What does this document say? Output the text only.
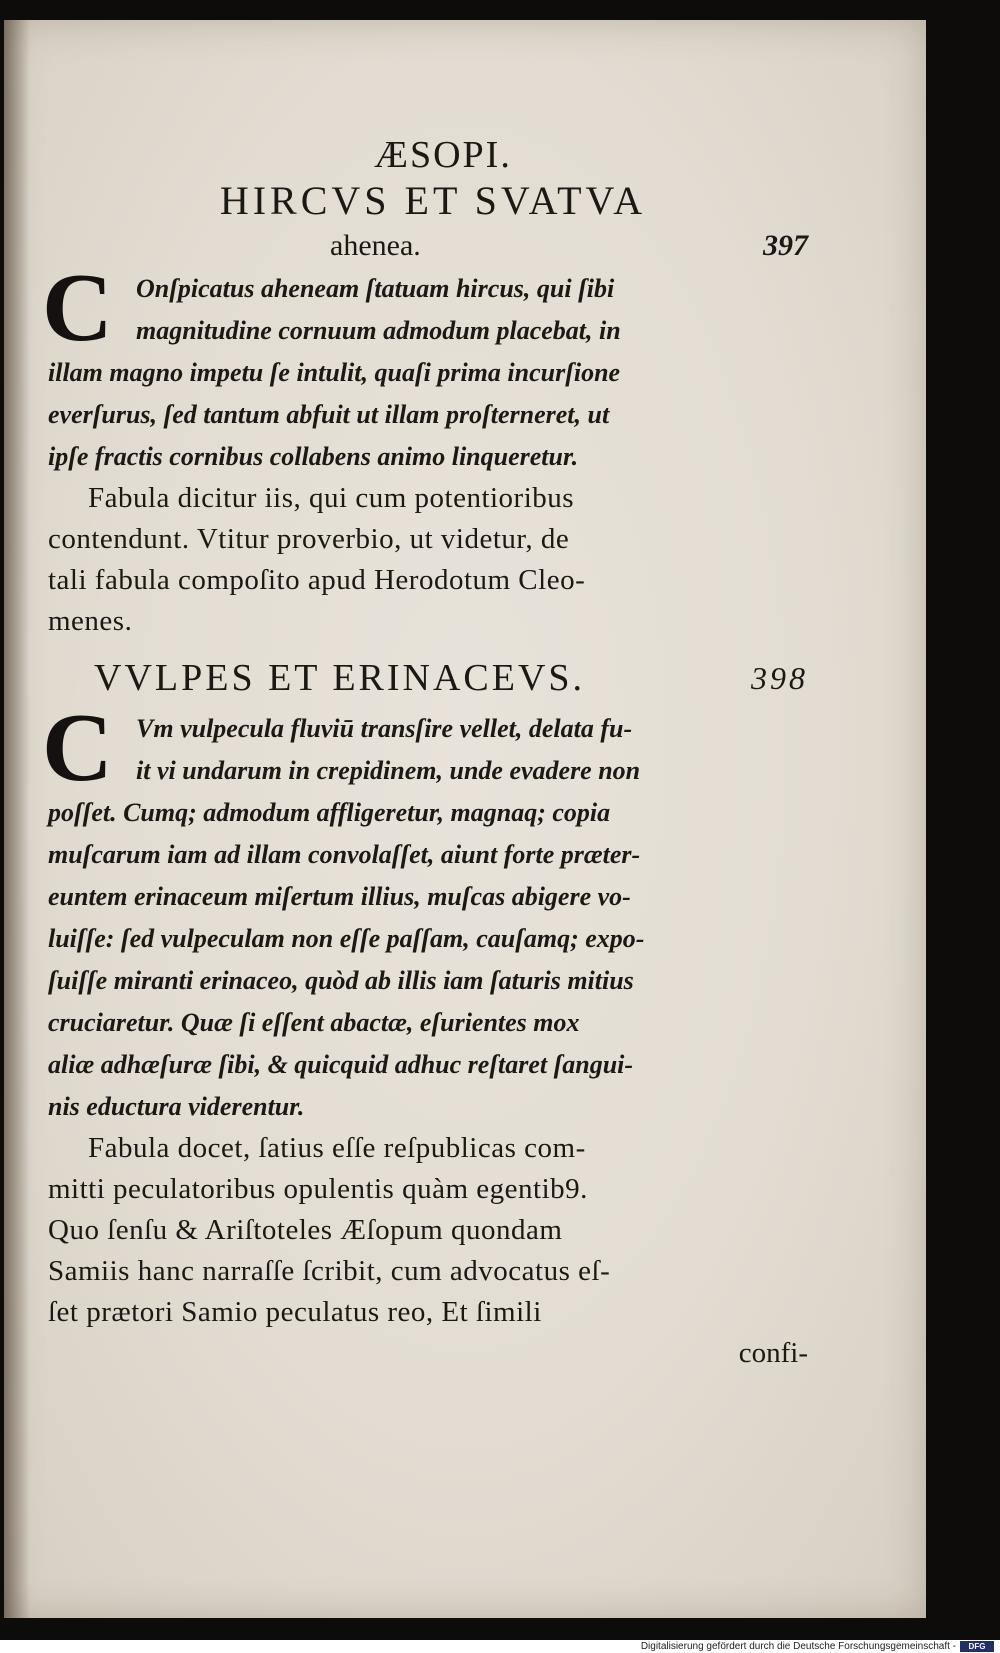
ÆSOPI.
HIRCVS ET SVATVA
ahenea.	397
C Onſpicatus aheneam ſtatuam hircus, qui ſibi
magnitudine cornuum admodum placebat, in
illam magno impetu ſe intulit, quaſi prima incurſione
everſurus, ſed tantum abfuit ut illam proſterneret, ut
ipſe fractis cornibus collabens animo linqueretur.
Fabula dicitur iis, qui cum potentioribus
contendunt. Vtitur proverbio, ut videtur, de
tali fabula compoſito apud Herodotum Cleo-
menes.
VVLPES ET ERINACEVS.	398
C Vm vulpecula fluviū transſire vellet, delata fu-
it vi undarum in crepidinem, unde evadere non
poſſet. Cumq; admodum affligeretur, magnaq; copia
muſcarum iam ad illam convolaſſet, aiunt forte præter-
euntem erinaceum miſertum illius, muſcas abigere vo-
luiſſe: ſed vulpeculam non eſſe paſſam, cauſamq; expo-
ſuiſſe miranti erinaceo, quòd ab illis iam ſaturis mitius
cruciaretur. Quæ ſi eſſent abactæ, eſurientes mox
aliæ adhæſuræ ſibi, & quicquid adhuc reſtaret ſangui-
nis eductura viderentur.
Fabula docet, ſatius eſſe reſpublicas com-
mitti peculatoribus opulentis quàm egentib9.
Quo ſenſu & Ariſtoteles Æſopum quondam
Samiis hanc narraſſe ſcribit, cum advocatus eſ-
ſet prætori Samio peculatus reo, Et ſimili
confi-
Digitalisierung gefördert durch die Deutsche Forschungsgemeinschaft -	DFG
